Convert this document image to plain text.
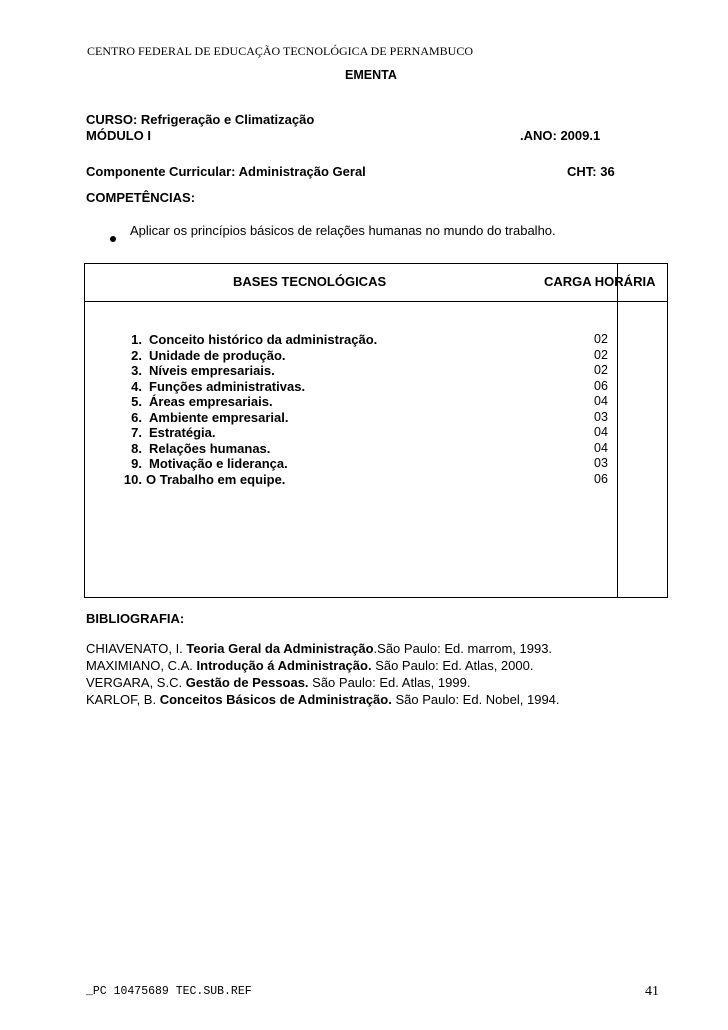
CENTRO FEDERAL DE EDUCAÇÃO TECNOLÓGICA DE PERNAMBUCO
EMENTA
CURSO: Refrigeração e Climatização
MÓDULO I	.ANO: 2009.1
Componente Curricular: Administração Geral	CHT: 36
COMPETÊNCIAS:
Aplicar os princípios básicos de relações humanas no mundo do trabalho.
BASES TECNOLÓGICAS	CARGA HORÁRIA
1. Conceito histórico da administração.	02
2. Unidade de produção.	02
3. Níveis empresariais.	02
4. Funções administrativas.	06
5. Áreas empresariais.	04
6. Ambiente empresarial.	03
7. Estratégia.	04
8. Relações humanas.	04
9. Motivação e liderança.	03
10. O Trabalho em equipe.	06
BIBLIOGRAFIA:
CHIAVENATO, I. Teoria Geral da Administração.São Paulo: Ed. marrom, 1993.
MAXIMIANO, C.A. Introdução á Administração. São Paulo: Ed. Atlas, 2000.
VERGARA, S.C. Gestão de Pessoas. São Paulo: Ed. Atlas, 1999.
KARLOF, B. Conceitos Básicos de Administração. São Paulo: Ed. Nobel, 1994.
_PC 10475689 TEC.SUB.REF	41
